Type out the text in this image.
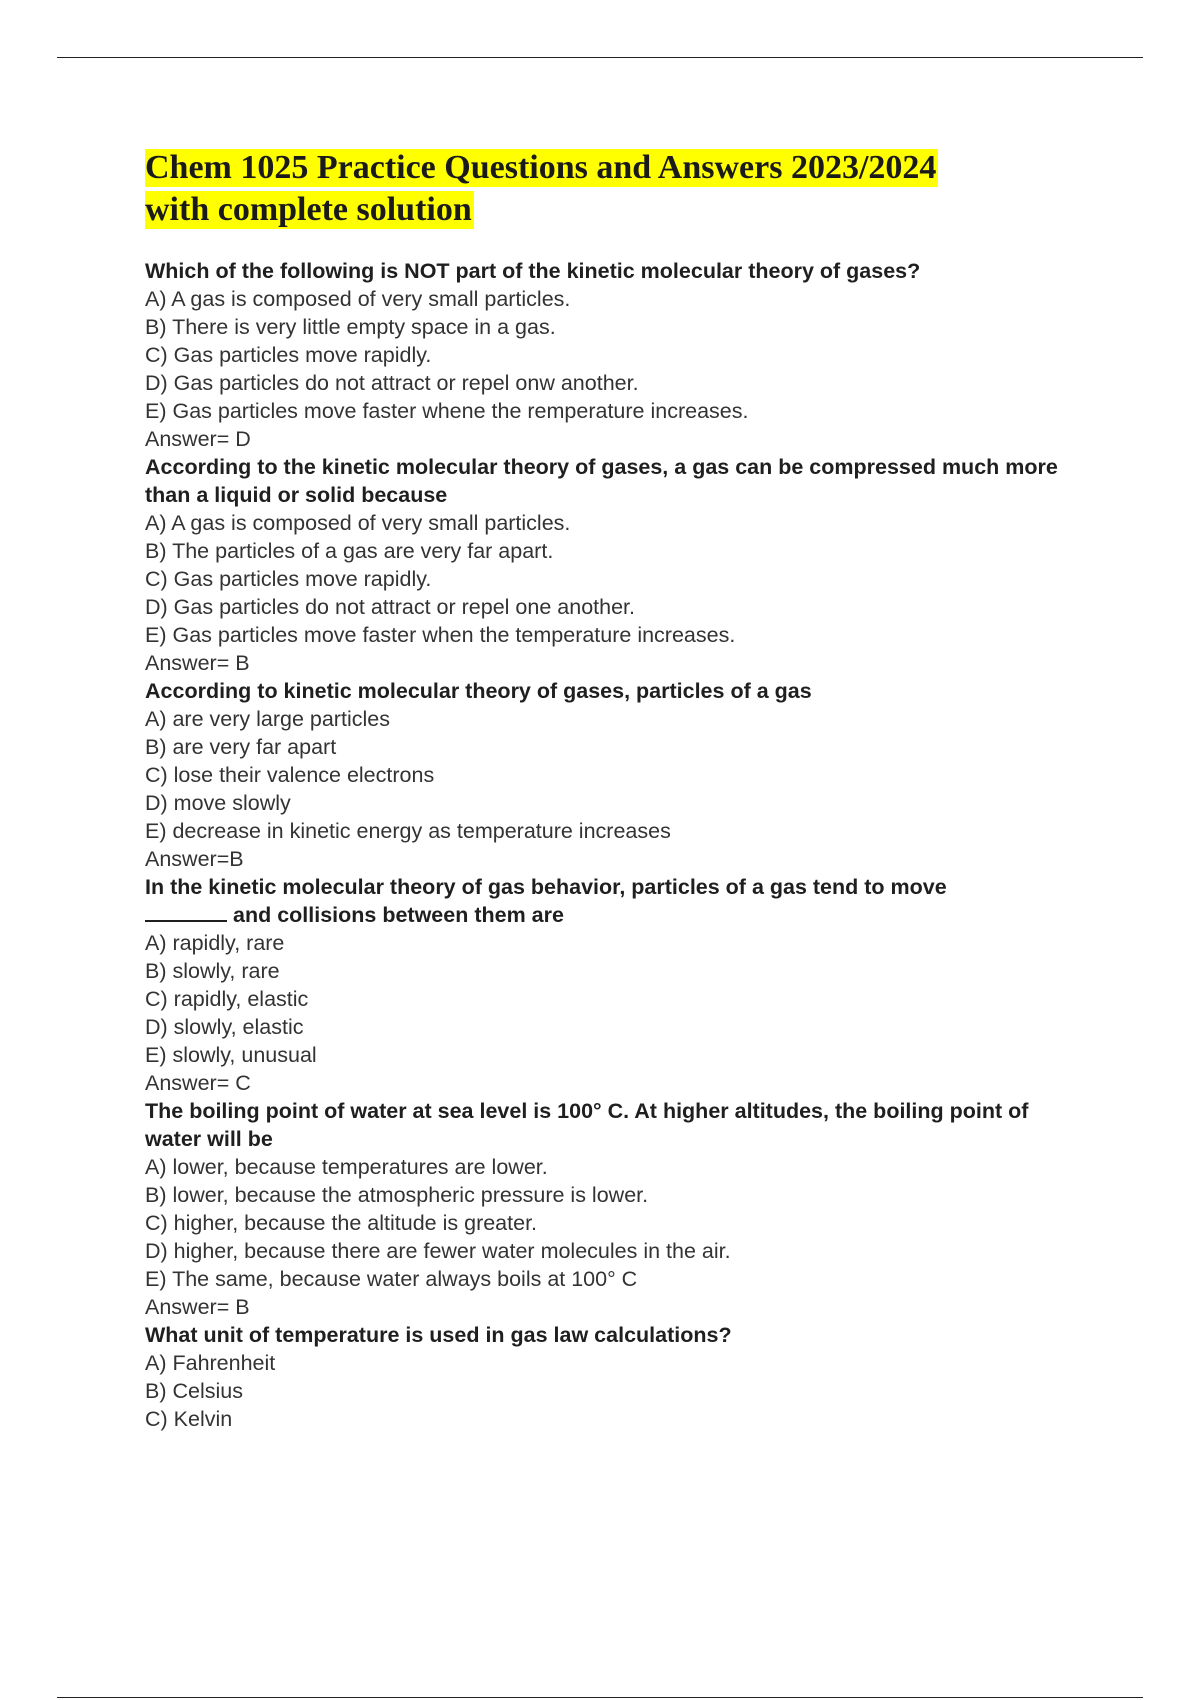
Chem 1025 Practice Questions and Answers 2023/2024
with complete solution

Which of the following is NOT part of the kinetic molecular theory of gases?

A) A gas is composed of very small particles.
B) There is very little empty space in a gas.
C) Gas particles move rapidly.
D) Gas particles do not attract or repel onw another.
E) Gas particles move faster whene the remperature increases.

Answer= D

According to the kinetic molecular theory of gases, a gas can be compressed much more than a liquid or solid because

A) A gas is composed of very small particles.
B) The particles of a gas are very far apart.
C) Gas particles move rapidly.
D) Gas particles do not attract or repel one another.
E) Gas particles move faster when the temperature increases.

Answer= B

According to kinetic molecular theory of gases, particles of a gas

A) are very large particles
B) are very far apart
C) lose their valence electrons
D) move slowly
E) decrease in kinetic energy as temperature increases

Answer=B

In the kinetic molecular theory of gas behavior, particles of a gas tend to move
and collisions between them are

A) rapidly, rare
B) slowly, rare
C) rapidly, elastic
D) slowly, elastic
E) slowly, unusual

Answer= C

The boiling point of water at sea level is 100° C. At higher altitudes, the boiling point of water will be

A) lower, because temperatures are lower.
B) lower, because the atmospheric pressure is lower.
C) higher, because the altitude is greater.
D) higher, because there are fewer water molecules in the air.
E) The same, because water always boils at 100° C

Answer= B

What unit of temperature is used in gas law calculations?

A) Fahrenheit
B) Celsius
C) Kelvin
